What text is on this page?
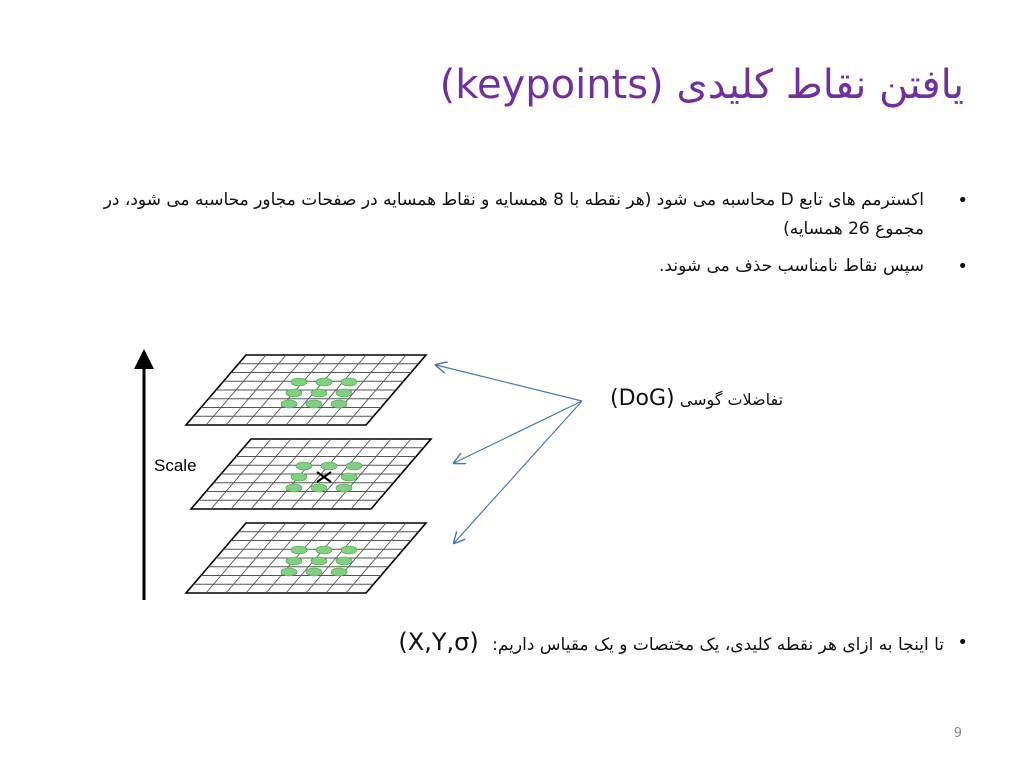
یافتن نقاط کلیدی (keypoints)
• اکسترمم های تابع D محاسبه می شود (هر نقطه با 8 همسایه و نقاط همسایه در صفحات مجاور محاسبه می شود، در مجموع 26 همسایه)
• سپس نقاط نامناسب حذف می شوند.
Scale
تفاضلات گوسی (DoG)
• تا اینجا به ازای هر نقطه کلیدی، یک مختصات و یک مقیاس داریم: (X,Y,σ)
9
